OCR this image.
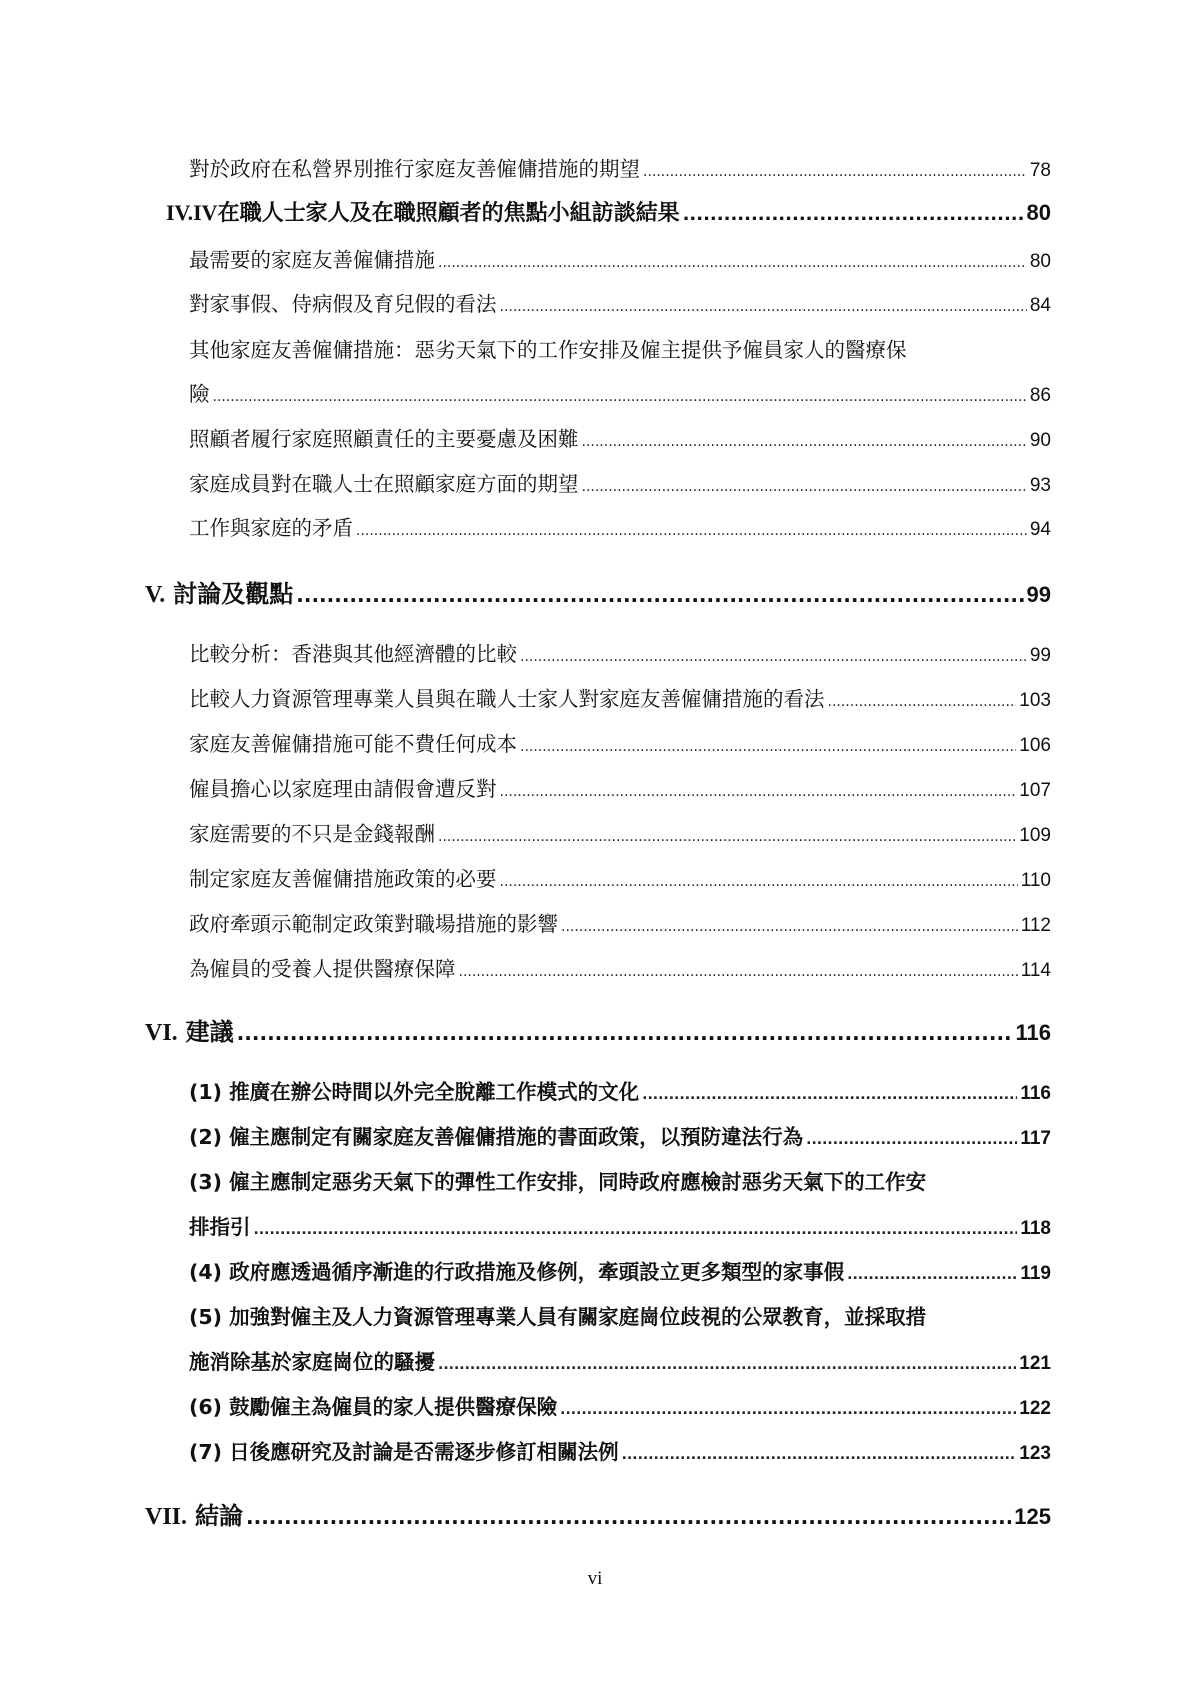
對於政府在私營界別推行家庭友善僱傭措施的期望 .....	78
IV.IV 在職人士家人及在職照顧者的焦點小組訪談結果 .....	80
最需要的家庭友善僱傭措施 .....	80
對家事假、侍病假及育兒假的看法 .....	84
其他家庭友善僱傭措施：惡劣天氣下的工作安排及僱主提供予僱員家人的醫療保
險 .....	86
照顧者履行家庭照顧責任的主要憂慮及困難 .....	90
家庭成員對在職人士在照顧家庭方面的期望 .....	93
工作與家庭的矛盾 .....	94
V. 討論及觀點 .....	99
比較分析：香港與其他經濟體的比較 .....	99
比較人力資源管理專業人員與在職人士家人對家庭友善僱傭措施的看法 .....	103
家庭友善僱傭措施可能不費任何成本 .....	106
僱員擔心以家庭理由請假會遭反對 .....	107
家庭需要的不只是金錢報酬 .....	109
制定家庭友善僱傭措施政策的必要 .....	110
政府牽頭示範制定政策對職場措施的影響 .....	112
為僱員的受養人提供醫療保障 .....	114
VI. 建議 .....	116
(1) 推廣在辦公時間以外完全脫離工作模式的文化 .....	116
(2) 僱主應制定有關家庭友善僱傭措施的書面政策，以預防違法行為 .....	117
(3) 僱主應制定惡劣天氣下的彈性工作安排，同時政府應檢討惡劣天氣下的工作安
排指引 .....	118
(4) 政府應透過循序漸進的行政措施及修例，牽頭設立更多類型的家事假 .....	119
(5) 加強對僱主及人力資源管理專業人員有關家庭崗位歧視的公眾教育，並採取措
施消除基於家庭崗位的騷擾 .....	121
(6) 鼓勵僱主為僱員的家人提供醫療保險 .....	122
(7) 日後應研究及討論是否需逐步修訂相關法例 .....	123
VII. 結論 .....	125
vi
